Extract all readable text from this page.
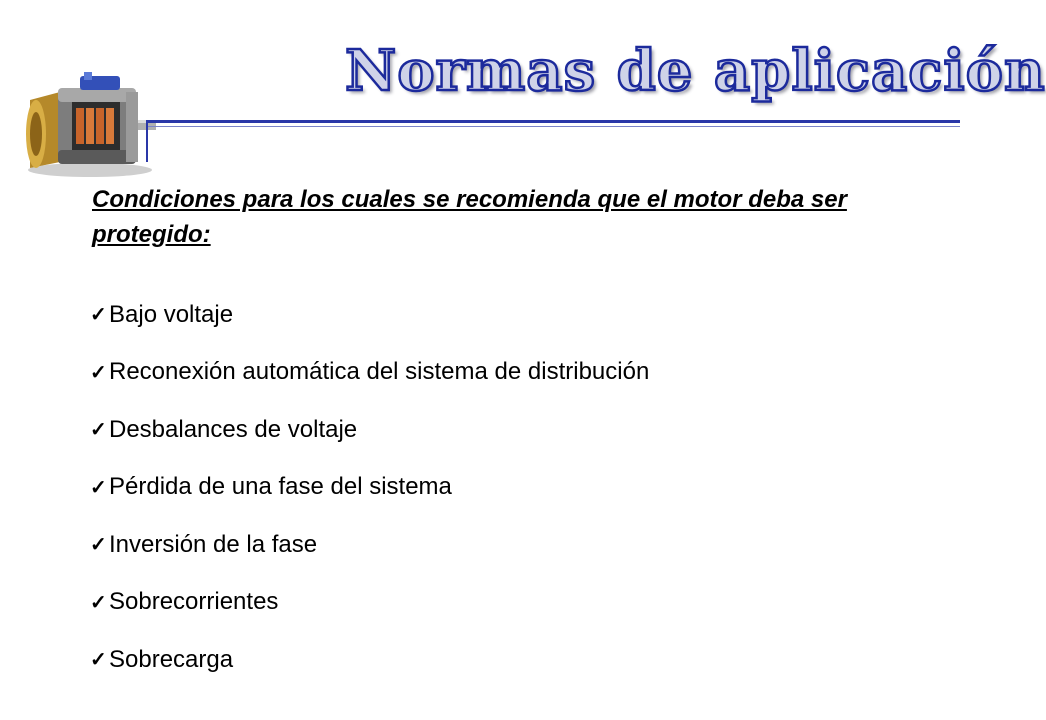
Normas de aplicación
Condiciones para los cuales se recomienda que el motor deba ser protegido:
✓ Bajo voltaje
✓ Reconexión automática del sistema de distribución
✓ Desbalances de voltaje
✓ Pérdida de una fase del sistema
✓ Inversión de la fase
✓ Sobrecorrientes
✓ Sobrecarga
